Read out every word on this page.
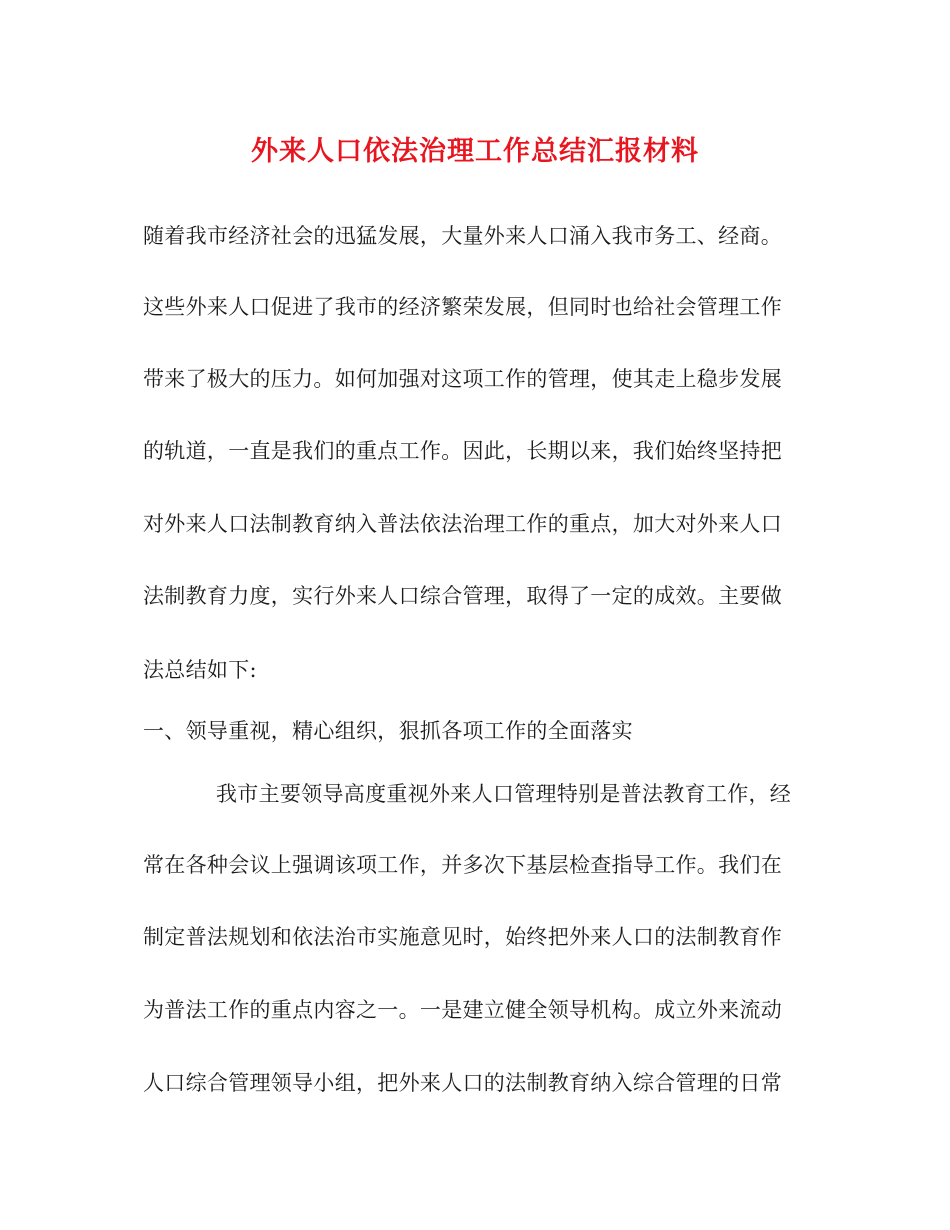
外来人口依法治理工作总结汇报材料
随着我市经济社会的迅猛发展，大量外来人口涌入我市务工、经商。
这些外来人口促进了我市的经济繁荣发展，但同时也给社会管理工作
带来了极大的压力。如何加强对这项工作的管理，使其走上稳步发展
的轨道，一直是我们的重点工作。因此，长期以来，我们始终坚持把
对外来人口法制教育纳入普法依法治理工作的重点，加大对外来人口
法制教育力度，实行外来人口综合管理，取得了一定的成效。主要做
法总结如下:
一、领导重视，精心组织，狠抓各项工作的全面落实
我市主要领导高度重视外来人口管理特别是普法教育工作，经
常在各种会议上强调该项工作，并多次下基层检查指导工作。我们在
制定普法规划和依法治市实施意见时，始终把外来人口的法制教育作
为普法工作的重点内容之一。一是建立健全领导机构。成立外来流动
人口综合管理领导小组，把外来人口的法制教育纳入综合管理的日常
